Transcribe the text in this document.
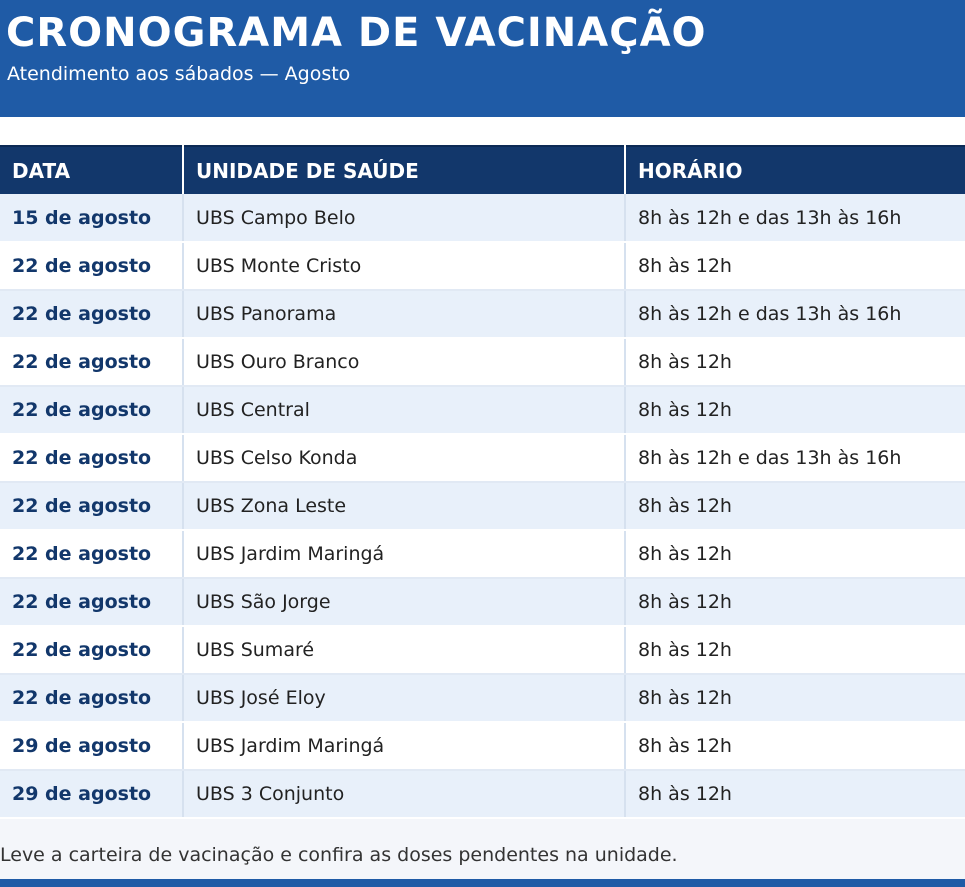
CRONOGRAMA DE VACINAÇÃO
Atendimento aos sábados — Agosto
DATA	UNIDADE DE SAÚDE	HORÁRIO
15 de agosto	UBS Campo Belo	8h às 12h e das 13h às 16h
22 de agosto	UBS Monte Cristo	8h às 12h
22 de agosto	UBS Panorama	8h às 12h e das 13h às 16h
22 de agosto	UBS Ouro Branco	8h às 12h
22 de agosto	UBS Central	8h às 12h
22 de agosto	UBS Celso Konda	8h às 12h e das 13h às 16h
22 de agosto	UBS Zona Leste	8h às 12h
22 de agosto	UBS Jardim Maringá	8h às 12h
22 de agosto	UBS São Jorge	8h às 12h
22 de agosto	UBS Sumaré	8h às 12h
22 de agosto	UBS José Eloy	8h às 12h
29 de agosto	UBS Jardim Maringá	8h às 12h
29 de agosto	UBS 3 Conjunto	8h às 12h
Leve a carteira de vacinação e confira as doses pendentes na unidade.
